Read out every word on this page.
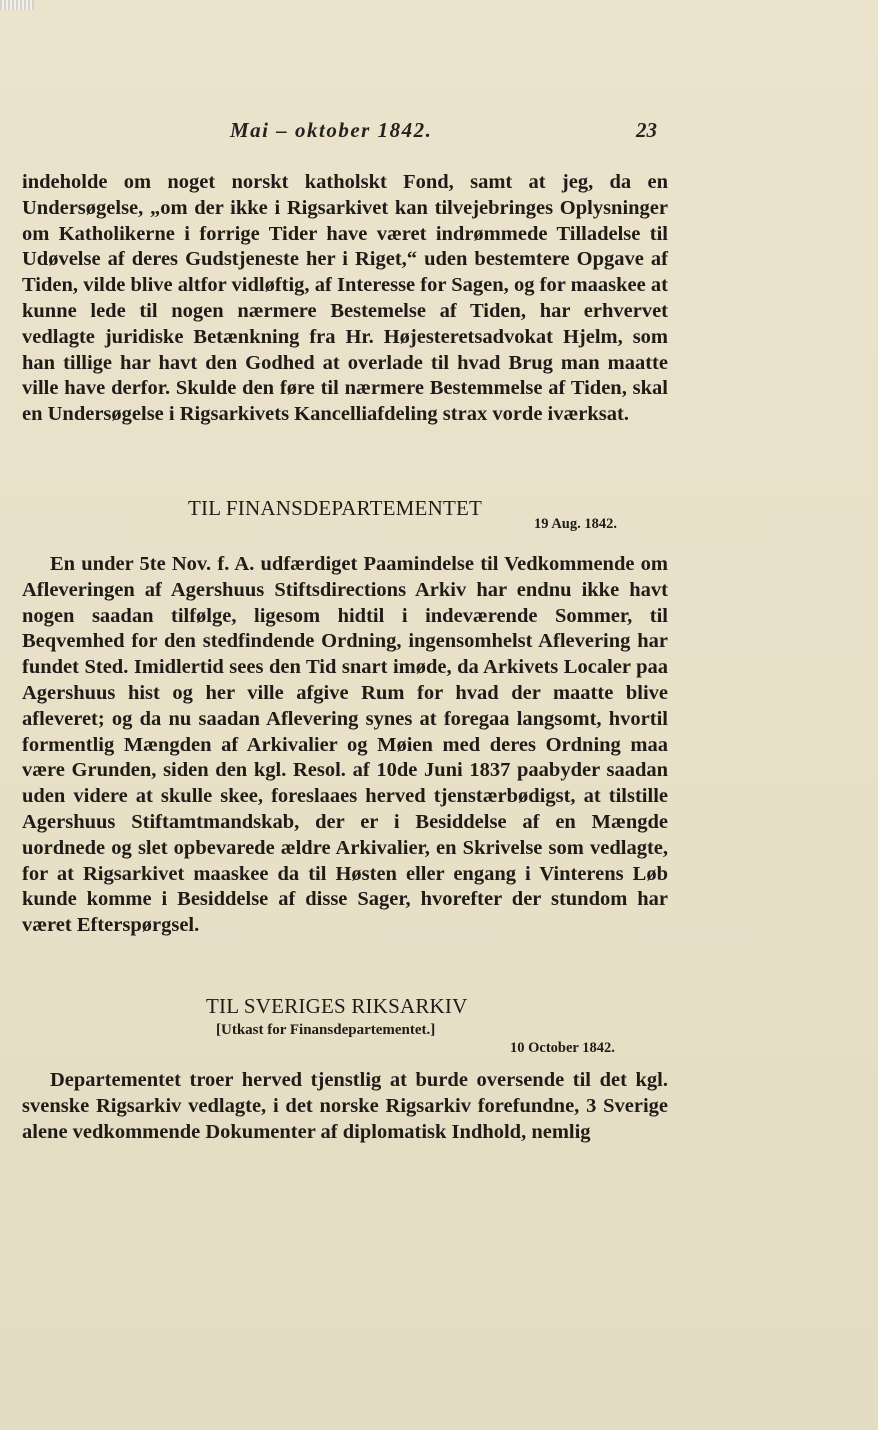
Mai – oktober 1842.	23

indeholde om noget norskt katholskt Fond, samt at jeg, da en Undersøgelse, „om der ikke i Rigsarkivet kan tilvejebringes Oplysninger om Katholikerne i forrige Tider have været indrømmede Tilladelse til Udøvelse af deres Gudstjeneste her i Riget,“ uden bestemtere Opgave af Tiden, vilde blive altfor vidløftig, af Interesse for Sagen, og for maaskee at kunne lede til nogen nærmere Bestemelse af Tiden, har erhvervet vedlagte juridiske Betænkning fra Hr. Højesteretsadvokat Hjelm, som han tillige har havt den Godhed at overlade til hvad Brug man maatte ville have derfor. Skulde den føre til nærmere Bestemmelse af Tiden, skal en Undersøgelse i Rigsarkivets Kancelliafdeling strax vorde iværksat.

TIL FINANSDEPARTEMENTET
19 Aug. 1842.

En under 5te Nov. f. A. udfærdiget Paamindelse til Vedkommende om Afleveringen af Agershuus Stiftsdirections Arkiv har endnu ikke havt nogen saadan tilfølge, ligesom hidtil i indeværende Sommer, til Beqvemhed for den stedfindende Ordning, ingensomhelst Aflevering har fundet Sted. Imidlertid sees den Tid snart imøde, da Arkivets Localer paa Agershuus hist og her ville afgive Rum for hvad der maatte blive afleveret; og da nu saadan Aflevering synes at foregaa langsomt, hvortil formentlig Mængden af Arkivalier og Møien med deres Ordning maa være Grunden, siden den kgl. Resol. af 10de Juni 1837 paabyder saadan uden videre at skulle skee, foreslaaes herved tjenstærbødigst, at tilstille Agershuus Stiftamtmandskab, der er i Besiddelse af en Mængde uordnede og slet opbevarede ældre Arkivalier, en Skrivelse som vedlagte, for at Rigsarkivet maaskee da til Høsten eller engang i Vinterens Løb kunde komme i Besiddelse af disse Sager, hvorefter der stundom har været Efterspørgsel.

TIL SVERIGES RIKSARKIV
[Utkast for Finansdepartementet.]
10 October 1842.

Departementet troer herved tjenstlig at burde oversende til det kgl. svenske Rigsarkiv vedlagte, i det norske Rigsarkiv forefundne, 3 Sverige alene vedkommende Dokumenter af diplomatisk Indhold, nemlig
